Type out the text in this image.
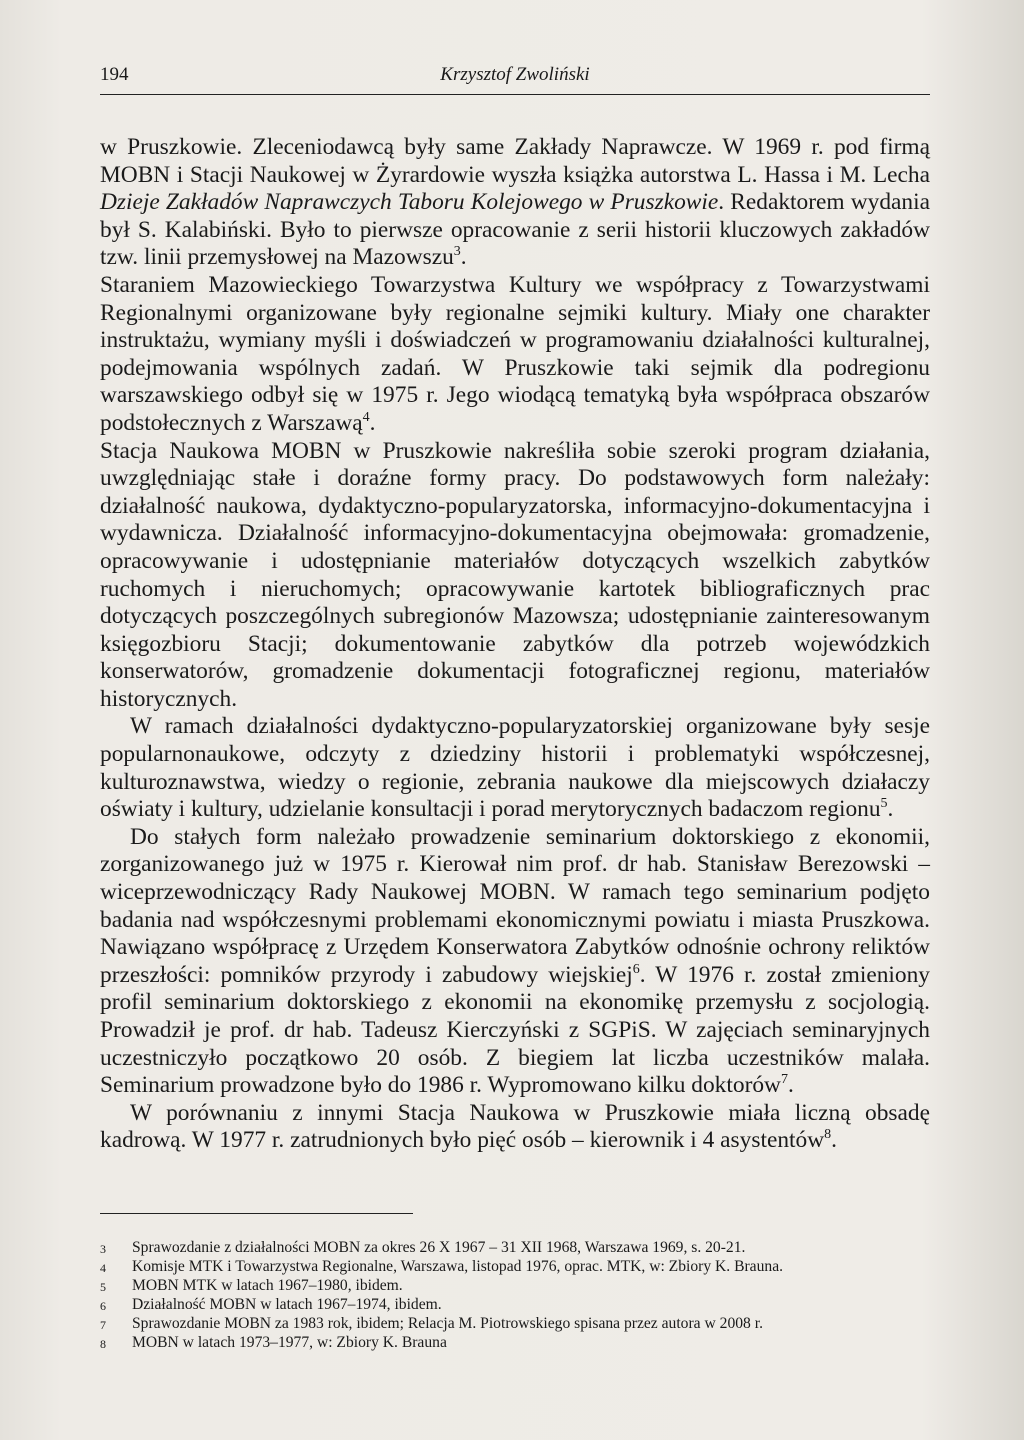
194	Krzysztof Zwoliński

w Pruszkowie. Zleceniodawcą były same Zakłady Naprawcze. W 1969 r. pod firmą MOBN i Stacji Naukowej w Żyrardowie wyszła książka autorstwa L. Hassa i M. Lecha Dzieje Zakładów Naprawczych Taboru Kolejowego w Pruszkowie. Redaktorem wydania był S. Kalabiński. Było to pierwsze opracowanie z serii historii kluczowych zakładów tzw. linii przemysłowej na Mazowszu$^3$.

Staraniem Mazowieckiego Towarzystwa Kultury we współpracy z Towarzystwami Regionalnymi organizowane były regionalne sejmiki kultury. Miały one charakter instruktażu, wymiany myśli i doświadczeń w programowaniu działalności kulturalnej, podejmowania wspólnych zadań. W Pruszkowie taki sejmik dla podregionu warszawskiego odbył się w 1975 r. Jego wiodącą tematyką była współpraca obszarów podstołecznych z Warszawą$^4$.

Stacja Naukowa MOBN w Pruszkowie nakreśliła sobie szeroki program działania, uwzględniając stałe i doraźne formy pracy. Do podstawowych form należały: działalność naukowa, dydaktyczno-popularyzatorska, informacyjno-dokumentacyjna i wydawnicza. Działalność informacyjno-dokumentacyjna obejmowała: gromadzenie, opracowywanie i udostępnianie materiałów dotyczących wszelkich zabytków ruchomych i nieruchomych; opracowywanie kartotek bibliograficznych prac dotyczących poszczególnych subregionów Mazowsza; udostępnianie zainteresowanym księgozbioru Stacji; dokumentowanie zabytków dla potrzeb wojewódzkich konserwatorów, gromadzenie dokumentacji fotograficznej regionu, materiałów historycznych.

W ramach działalności dydaktyczno-popularyzatorskiej organizowane były sesje popularnonaukowe, odczyty z dziedziny historii i problematyki współczesnej, kulturoznawstwa, wiedzy o regionie, zebrania naukowe dla miejscowych działaczy oświaty i kultury, udzielanie konsultacji i porad merytorycznych badaczom regionu$^5$.

Do stałych form należało prowadzenie seminarium doktorskiego z ekonomii, zorganizowanego już w 1975 r. Kierował nim prof. dr hab. Stanisław Berezowski – wiceprzewodniczący Rady Naukowej MOBN. W ramach tego seminarium podjęto badania nad współczesnymi problemami ekonomicznymi powiatu i miasta Pruszkowa. Nawiązano współpracę z Urzędem Konserwatora Zabytków odnośnie ochrony reliktów przeszłości: pomników przyrody i zabudowy wiejskiej$^6$. W 1976 r. został zmieniony profil seminarium doktorskiego z ekonomii na ekonomikę przemysłu z socjologią. Prowadził je prof. dr hab. Tadeusz Kierczyński z SGPiS. W zajęciach seminaryjnych uczestniczyło początkowo 20 osób. Z biegiem lat liczba uczestników malała. Seminarium prowadzone było do 1986 r. Wypromowano kilku doktorów$^7$.

W porównaniu z innymi Stacja Naukowa w Pruszkowie miała liczną obsadę kadrową. W 1977 r. zatrudnionych było pięć osób – kierownik i 4 asystentów$^8$.

3	Sprawozdanie z działalności MOBN za okres 26 X 1967 – 31 XII 1968, Warszawa 1969, s. 20-21.
4	Komisje MTK i Towarzystwa Regionalne, Warszawa, listopad 1976, oprac. MTK, w: Zbiory K. Brauna.
5	MOBN MTK w latach 1967–1980, ibidem.
6	Działalność MOBN w latach 1967–1974, ibidem.
7	Sprawozdanie MOBN za 1983 rok, ibidem; Relacja M. Piotrowskiego spisana przez autora w 2008 r.
8	MOBN w latach 1973–1977, w: Zbiory K. Brauna
